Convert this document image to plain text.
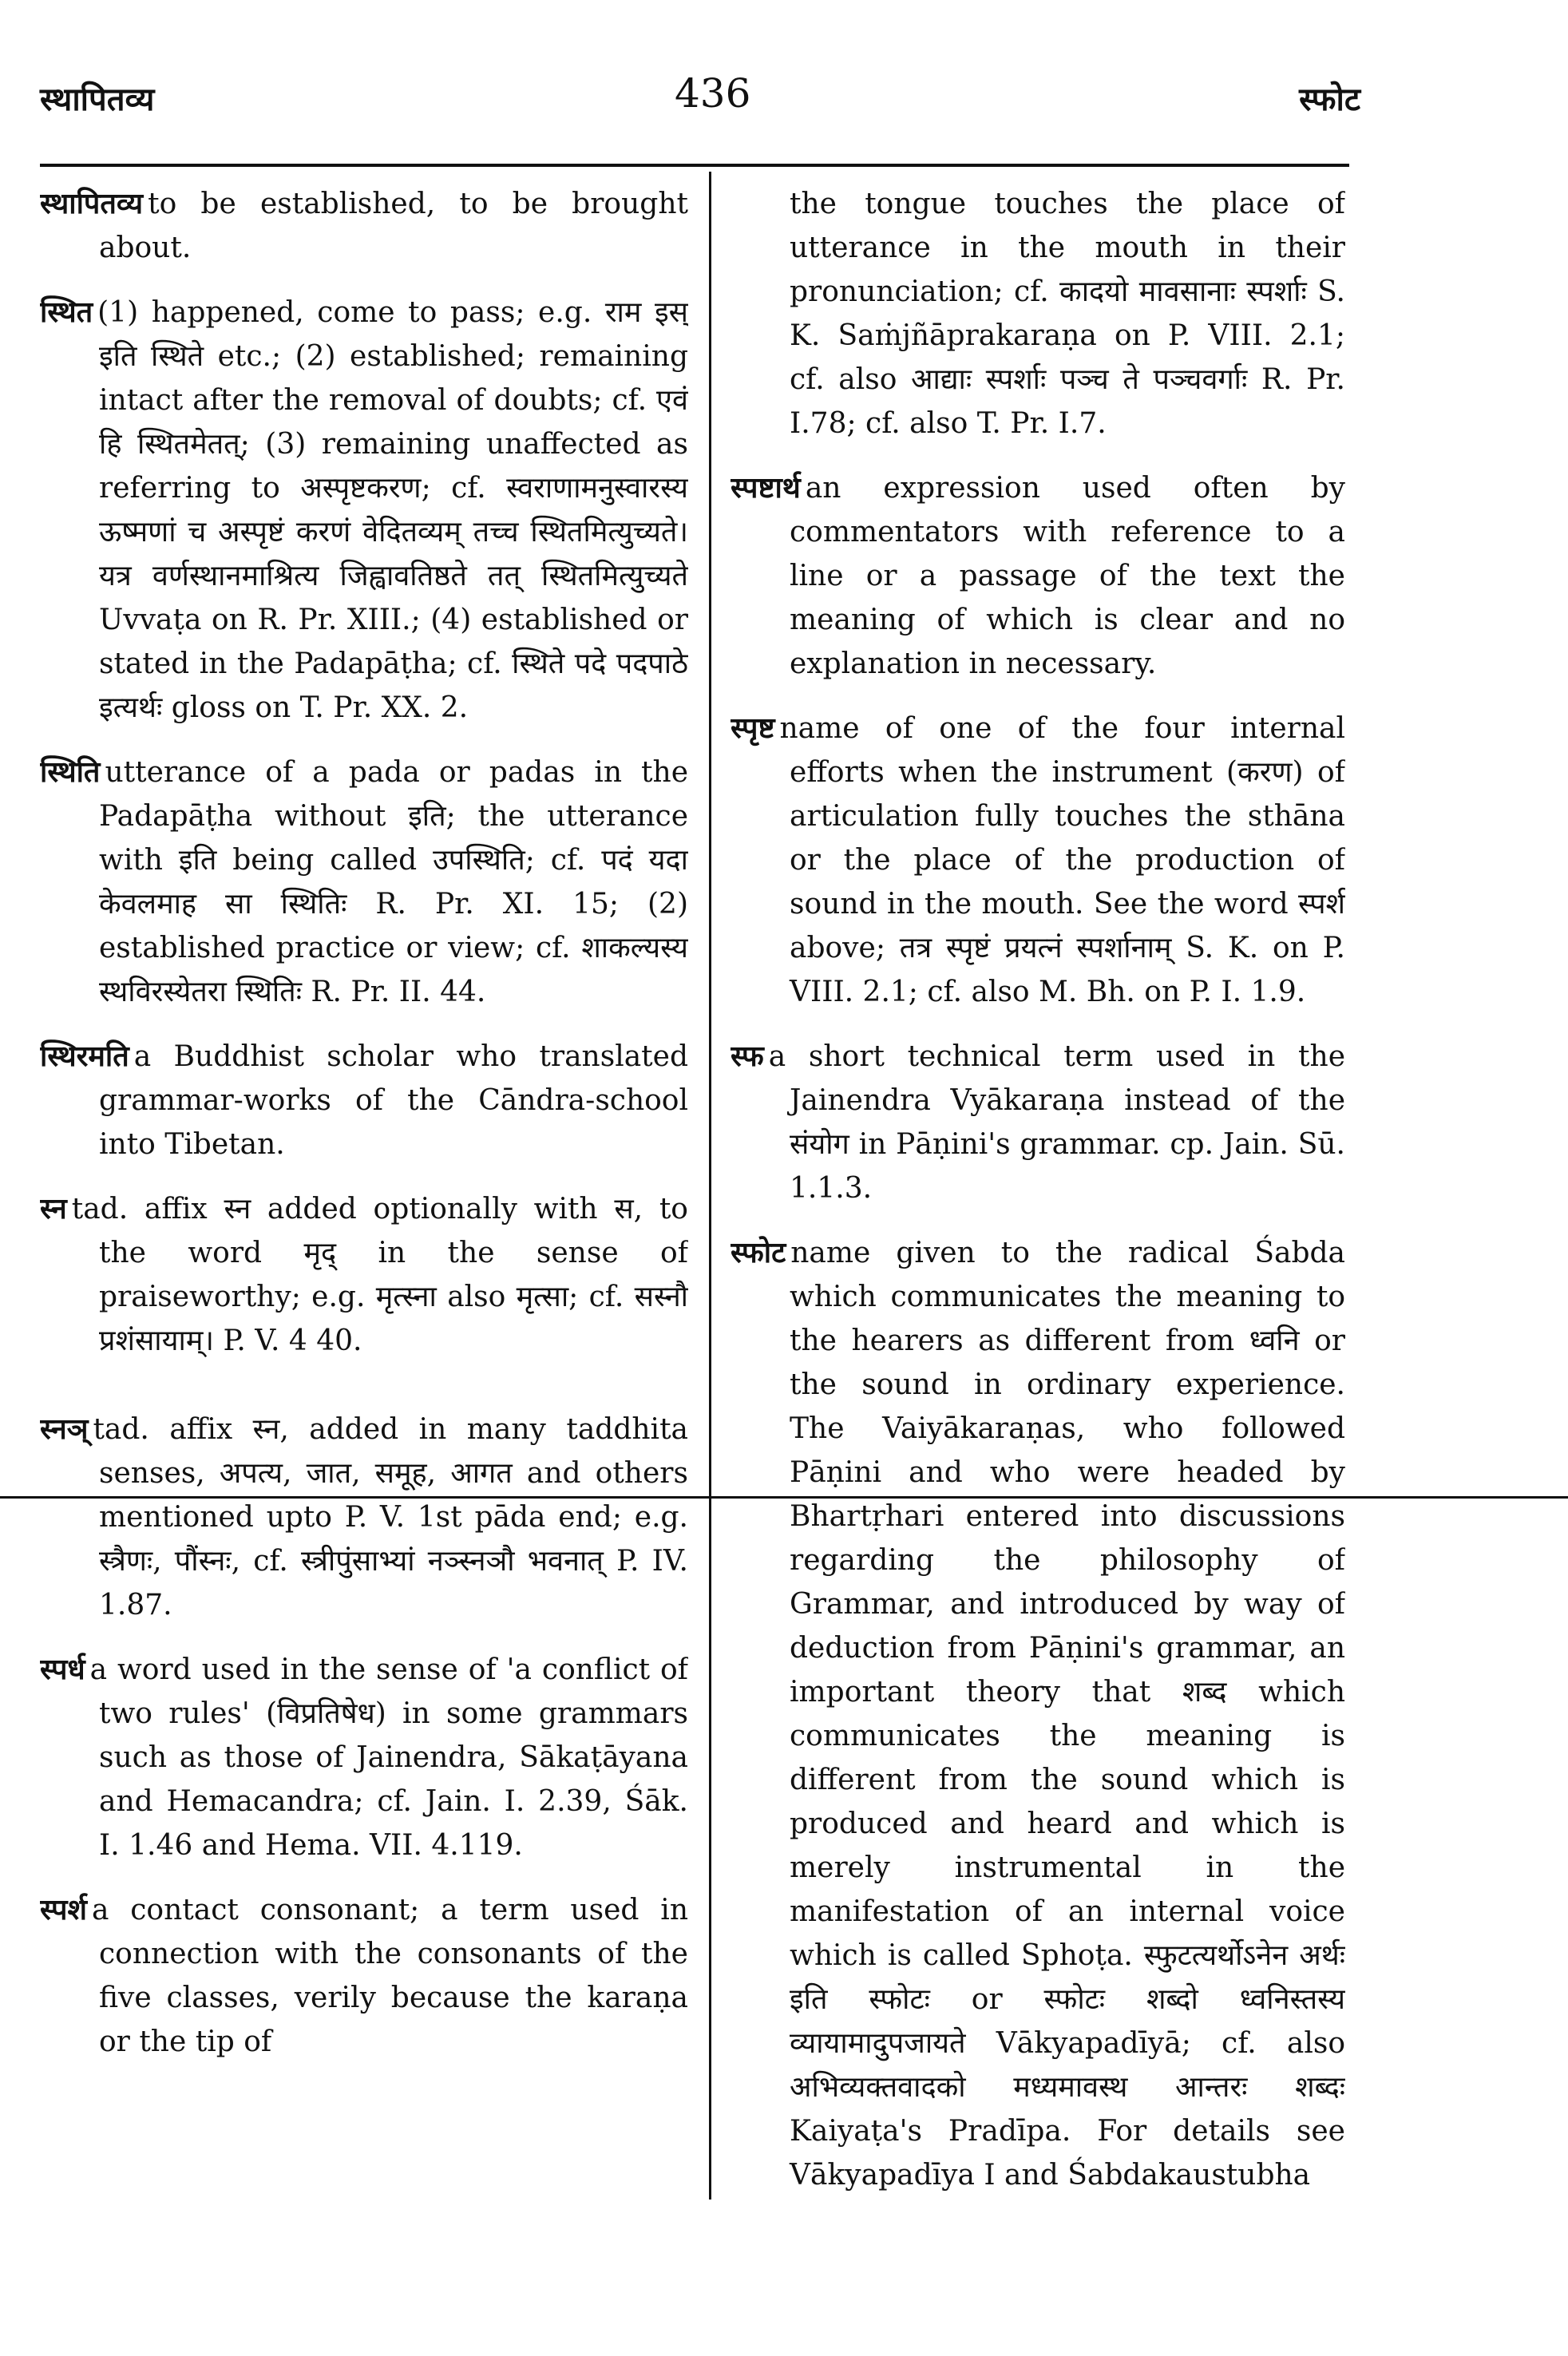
स्थापितव्य	436	स्फोट

स्थापितव्य to be established, to be brought about.

स्थित (1) happened, come to pass; e.g. राम इस् इति स्थिते etc.; (2) established; remaining intact after the removal of doubts; cf. एवं हि स्थितमेतत्; (3) remaining unaffected as referring to अस्पृष्टकरण; cf. स्वराणामनुस्वारस्य ऊष्मणां च अस्पृष्टं करणं वेदितव्यम् तच्च स्थितमित्युच्यते। यत्र वर्णस्थानमाश्रित्य जिह्वावतिष्ठते तत् स्थितमित्युच्यते Uvvaṭa on R. Pr. XIII.; (4) established or stated in the Padapāṭha; cf. स्थिते पदे पदपाठे इत्यर्थः gloss on T. Pr. XX. 2.

स्थिति utterance of a pada or padas in the Padapāṭha without इति; the utterance with इति being called उपस्थिति; cf. पदं यदा केवलमाह सा स्थितिः R. Pr. XI. 15; (2) established practice or view; cf. शाकल्यस्य स्थविरस्येतरा स्थितिः R. Pr. II. 44.

स्थिरमति a Buddhist scholar who translated grammar-works of the Cāndra-school into Tibetan.

स्न tad. affix स्न added optionally with स, to the word मृद् in the sense of praiseworthy; e.g. मृत्स्ना also मृत्सा; cf. सस्नौ प्रशंसायाम्। P. V. 4 40.

स्नञ् tad. affix स्न, added in many taddhita senses, अपत्य, जात, समूह, आगत and others mentioned upto P. V. 1st pāda end; e.g. स्त्रैणः, पौंस्नः, cf. स्त्रीपुंसाभ्यां नञ्स्नञौ भवनात् P. IV. 1.87.

स्पर्ध a word used in the sense of 'a conflict of two rules' (विप्रतिषेध) in some grammars such as those of Jainendra, Sākaṭāyana and Hemacandra; cf. Jain. I. 2.39, Śāk. I. 1.46 and Hema. VII. 4.119.

स्पर्श a contact consonant; a term used in connection with the consonants of the five classes, verily because the karaṇa or the tip of

the tongue touches the place of utterance in the mouth in their pronunciation; cf. कादयो मावसानाः स्पर्शाः S. K. Saṁjñāprakaraṇa on P. VIII. 2.1; cf. also आद्याः स्पर्शाः पञ्च ते पञ्चवर्गाः R. Pr. I.78; cf. also T. Pr. I.7.

स्पष्टार्थ an expression used often by commentators with reference to a line or a passage of the text the meaning of which is clear and no explanation in necessary.

स्पृष्ट name of one of the four internal efforts when the instrument (करण) of articulation fully touches the sthāna or the place of the production of sound in the mouth. See the word स्पर्श above; तत्र स्पृष्टं प्रयत्नं स्पर्शानाम् S. K. on P. VIII. 2.1; cf. also M. Bh. on P. I. 1.9.

स्फ a short technical term used in the Jainendra Vyākaraṇa instead of the संयोग in Pāṇini's grammar. cp. Jain. Sū. 1.1.3.

स्फोट name given to the radical Śabda which communicates the meaning to the hearers as different from ध्वनि or the sound in ordinary experience. The Vaiyākaraṇas, who followed Pāṇini and who were headed by Bhartṛhari entered into discussions regarding the philosophy of Grammar, and introduced by way of deduction from Pāṇini's grammar, an important theory that शब्द which communicates the meaning is different from the sound which is produced and heard and which is merely instrumental in the manifestation of an internal voice which is called Sphoṭa. स्फुटत्यर्थोऽनेन अर्थः इति स्फोटः or स्फोटः शब्दो ध्वनिस्तस्य व्यायामादुपजायते Vākyapadīyā; cf. also अभिव्यक्तवादको मध्यमावस्थ आन्तरः शब्दः Kaiyaṭa's Pradīpa. For details see Vākyapadīya I and Śabdakaustubha
